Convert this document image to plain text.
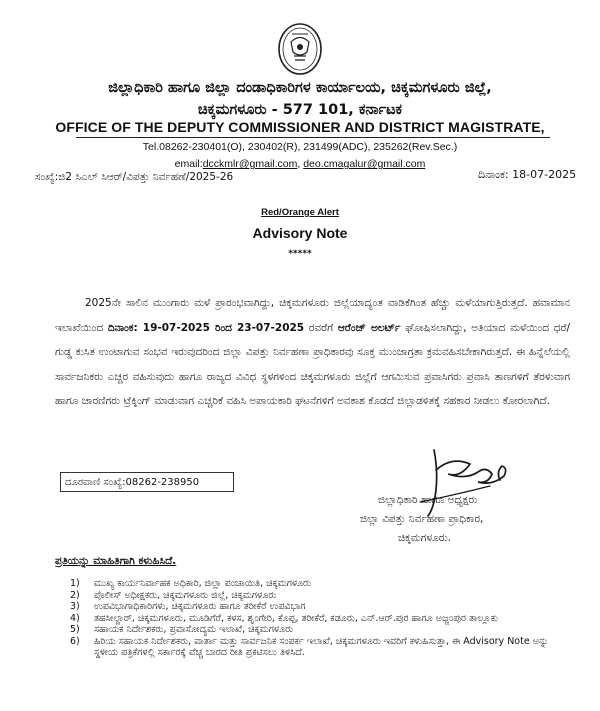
ಜಿಲ್ಲಾಧಿಕಾರಿ ಹಾಗೂ ಜಿಲ್ಲಾ ದಂಡಾಧಿಕಾರಿಗಳ ಕಾರ್ಯಾಲಯ, ಚಿಕ್ಕಮಗಳೂರು ಜಿಲ್ಲೆ,
ಚಿಕ್ಕಮಗಳೂರು - 577 101, ಕರ್ನಾಟಕ
OFFICE OF THE DEPUTY COMMISSIONER AND DISTRICT MAGISTRATE,
Tel.08262-230401(O), 230402(R), 231499(ADC), 235262(Rev.Sec.)
email:dcckmlr@gmail.com, deo.cmagalur@gmail.com
ಸಂಖ್ಯೆ:ಜಿ2 ಸಿಎಲ್ ಸಿಆರ್/ವಿಪತ್ತು ನಿರ್ವಹಣೆ/2025-26	ದಿನಾಂಕ: 18-07-2025
Red/Orange Alert
Advisory Note
*****
2025ನೇ ಸಾಲಿನ ಮುಂಗಾರು ಮಳೆ ಪ್ರಾರಂಭವಾಗಿದ್ದು, ಚಿಕ್ಕಮಗಳೂರು ಜಿಲ್ಲೆಯಾದ್ಯಂತ ವಾಡಿಕೆಗಿಂತ ಹೆಚ್ಚು ಮಳೆಯಾಗುತ್ತಿರುತ್ತದೆ. ಹವಾಮಾನ ಇಲಾಖೆಯಿಂದ ದಿನಾಂಕ: 19-07-2025 ರಿಂದ 23-07-2025 ರವರೆಗೆ ಆರೆಂಜ್ ಅಲರ್ಟ್ ಘೋಷಿಸಲಾಗಿದ್ದು, ಅತಿಯಾದ ಮಳೆಯಿಂದ ಧರೆ/ಗುಡ್ಡ ಕುಸಿತ ಉಂಟಾಗುವ ಸಂಭವ ಇರುವುದರಿಂದ ಜಿಲ್ಲಾ ವಿಪತ್ತು ನಿರ್ವಹಣಾ ಪ್ರಾಧಿಕಾರವು ಸೂಕ್ತ ಮುಂಜಾಗ್ರತಾ ಕ್ರಮವಹಿಸಬೇಕಾಗಿರುತ್ತದೆ. ಈ ಹಿನ್ನೆಲೆಯಲ್ಲಿ ಸಾರ್ವಜನಿಕರು ಎಚ್ಚರ ವಹಿಸುವುದು ಹಾಗೂ ರಾಜ್ಯದ ವಿವಿಧ ಸ್ಥಳಗಳಿಂದ ಚಿಕ್ಕಮಗಳೂರು ಜಿಲ್ಲೆಗೆ ಆಗಮಿಸುವ ಪ್ರವಾಸಿಗರು ಪ್ರವಾಸಿ ತಾಣಗಳಿಗೆ ತೆರಳುವಾಗ ಹಾಗೂ ಚಾರಣಿಗರು ಟ್ರೆಕ್ಕಿಂಗ್ ಮಾಡುವಾಗ ಎಚ್ಚರಿಕೆ ವಹಿಸಿ ಅಪಾಯಕಾರಿ ಘಟನೆಗಳಿಗೆ ಅವಕಾಶ ಕೊಡದೆ ಜಿಲ್ಲಾಡಳಿತಕ್ಕೆ ಸಹಕಾರ ನೀಡಲು ಕೋರಲಾಗಿದೆ.
ದೂರವಾಣಿ ಸಂಖ್ಯೆ:08262-238950
ಜಿಲ್ಲಾಧಿಕಾರಿ ಹಾಗೂ ಅಧ್ಯಕ್ಷರು
ಜಿಲ್ಲಾ ವಿಪತ್ತು ನಿರ್ವಹಣಾ ಪ್ರಾಧಿಕಾರ,
ಚಿಕ್ಕಮಗಳೂರು.
ಪ್ರತಿಯನ್ನು ಮಾಹಿತಿಗಾಗಿ ಕಳುಹಿಸಿದೆ.
1)	ಮುಖ್ಯ ಕಾರ್ಯನಿರ್ವಾಹಕ ಅಧಿಕಾರಿ, ಜಿಲ್ಲಾ ಪಂಚಾಯಿತಿ, ಚಿಕ್ಕಮಗಳೂರು
2)	ಪೊಲೀಸ್ ಅಧೀಕ್ಷಕರು, ಚಿಕ್ಕಮಗಳೂರು ಜಿಲ್ಲೆ, ಚಿಕ್ಕಮಗಳೂರು
3)	ಉಪವಿಭಾಗಾಧಿಕಾರಿಗಳು, ಚಿಕ್ಕಮಗಳೂರು ಹಾಗೂ ತರೀಕೆರೆ ಉಪವಿಭಾಗ
4)	ತಹಸೀಲ್ದಾರ್, ಚಿಕ್ಕಮಗಳೂರು, ಮೂಡಿಗೆರೆ, ಕಳಸ, ಶೃಂಗೇರಿ, ಕೊಪ್ಪ, ತರೀಕೆರೆ, ಕಡೂರು, ಎನ್.ಆರ್.ಪುರ ಹಾಗೂ ಅಜ್ಜಂಪುರ ತಾಲ್ಲೂಕು
5)	ಸಹಾಯಕ ನಿರ್ದೇಶಕರು, ಪ್ರವಾಸೋದ್ಯಮ ಇಲಾಖೆ, ಚಿಕ್ಕಮಗಳೂರು
6)	ಹಿರಿಯ ಸಹಾಯಕ ನಿರ್ದೇಶಕರು, ವಾರ್ತಾ ಮತ್ತು ಸಾರ್ವಜನಿಕ ಸಂಪರ್ಕ ಇಲಾಖೆ, ಚಿಕ್ಕಮಗಳೂರು ಇವರಿಗೆ ಕಳುಹಿಸುತ್ತಾ, ಈ Advisory Note ಅನ್ನು ಸ್ಥಳೀಯ ಪತ್ರಿಕೆಗಳಲ್ಲಿ ಸರ್ಕಾರಕ್ಕೆ ವೆಚ್ಚ ಬಾರದ ರೀತಿ ಪ್ರಕಟಿಸಲು ತಿಳಿಸಿದೆ.
